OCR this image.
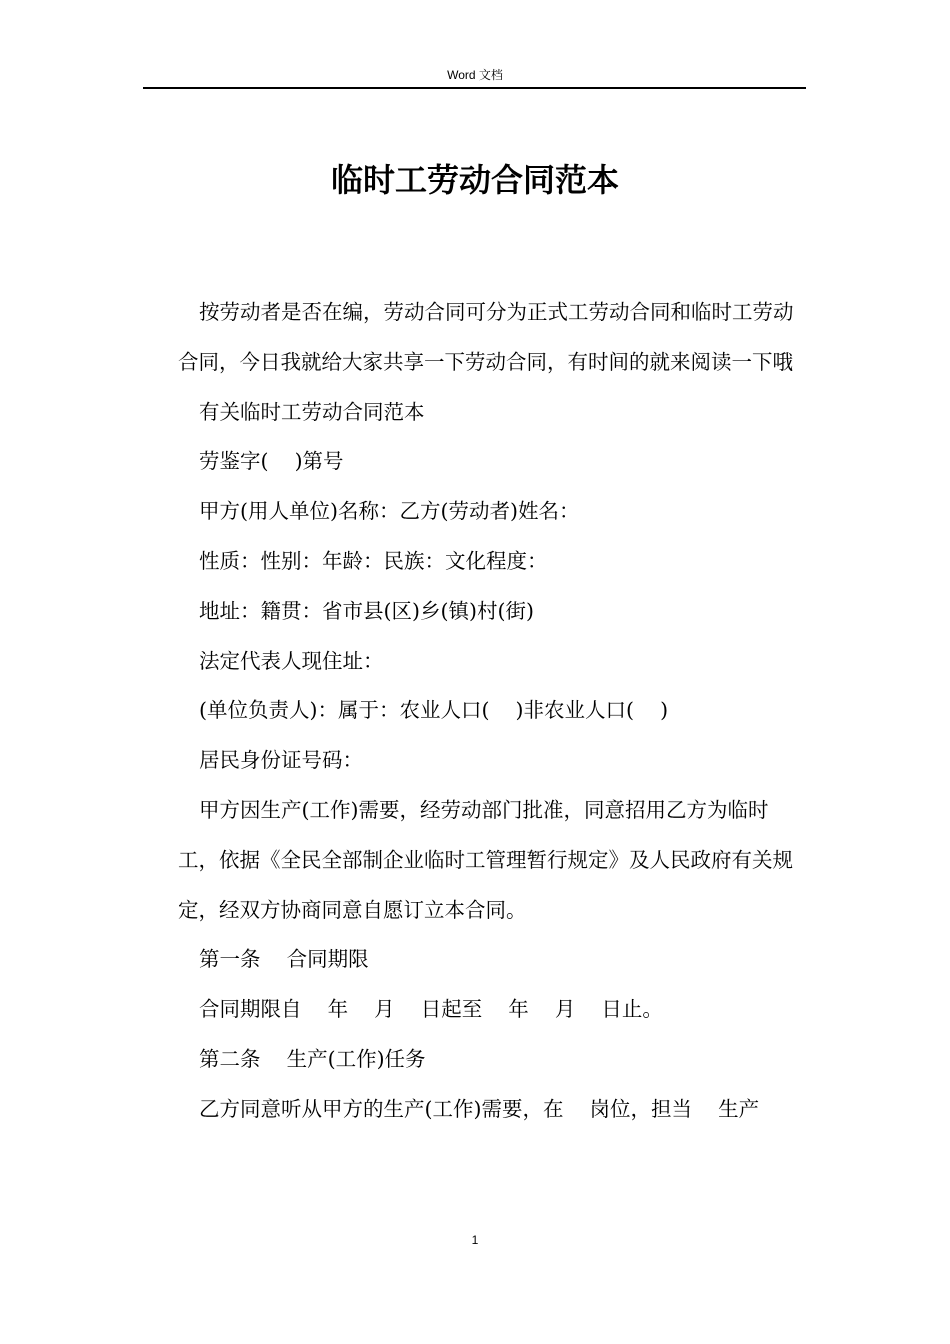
Word 文档
临时工劳动合同范本

按劳动者是否在编，劳动合同可分为正式工劳动合同和临时工劳动合同，今日我就给大家共享一下劳动合同，有时间的就来阅读一下哦

有关临时工劳动合同范本

劳鉴字(    )第号

甲方(用人单位)名称：乙方(劳动者)姓名：

性质：性别：年龄：民族：文化程度：

地址：籍贯：省市县(区)乡(镇)村(街)

法定代表人现住址：

(单位负责人)：属于：农业人口(    )非农业人口(    )

居民身份证号码：

甲方因生产(工作)需要，经劳动部门批准，同意招用乙方为临时工，依据《全民全部制企业临时工管理暂行规定》及人民政府有关规定，经双方协商同意自愿订立本合同。

第一条    合同期限

合同期限自    年    月    日起至    年    月    日止。

第二条    生产(工作)任务

乙方同意听从甲方的生产(工作)需要，在    岗位，担当    生产

1
